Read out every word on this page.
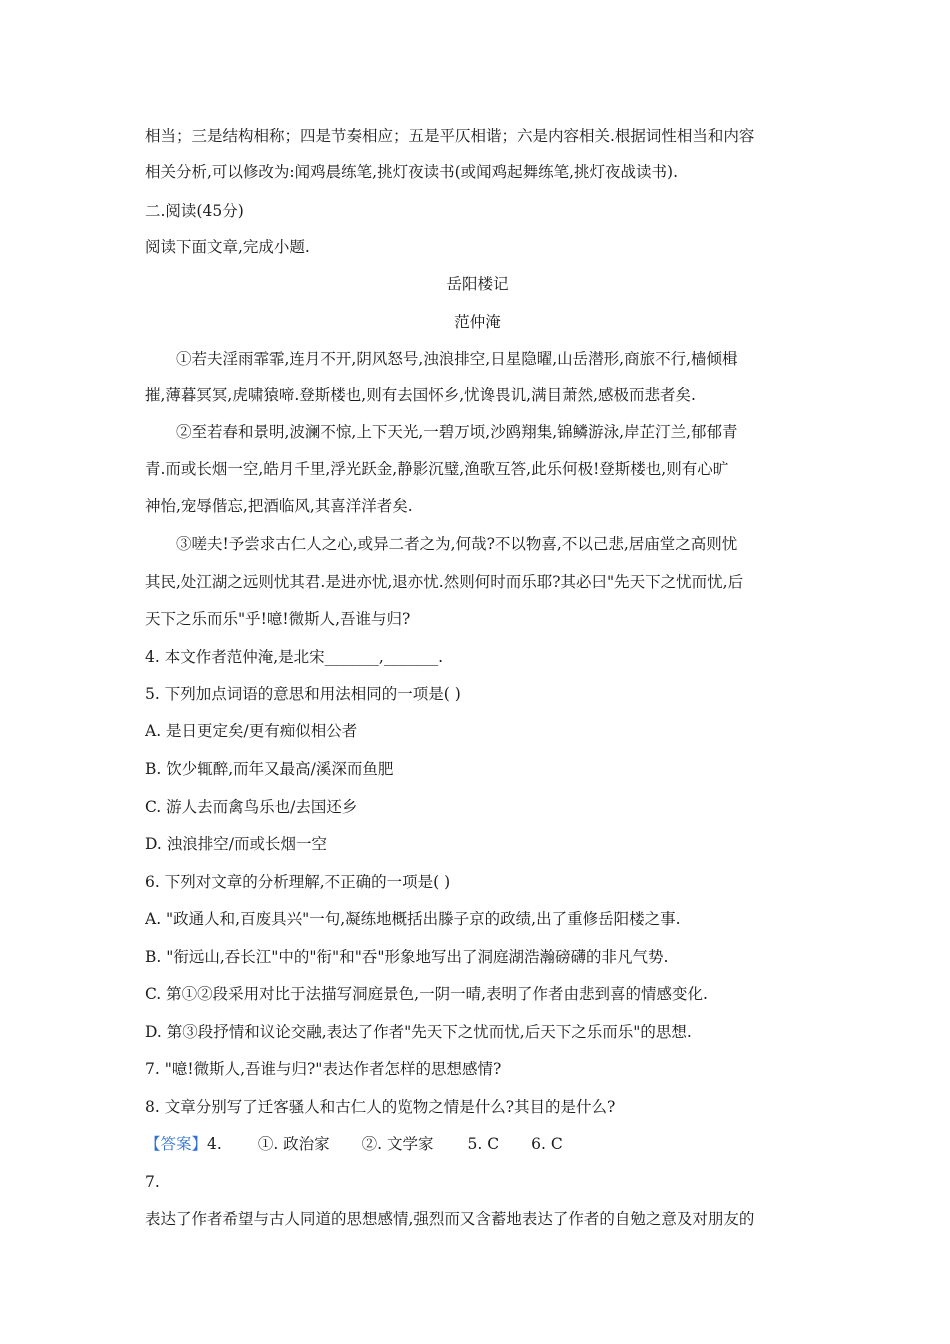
相当；三是结构相称；四是节奏相应；五是平仄相谐；六是内容相关.根据词性相当和内容
相关分析,可以修改为:闻鸡晨练笔,挑灯夜读书(或闻鸡起舞练笔,挑灯夜战读书).
二.阅读(45分)
阅读下面文章,完成小题.
岳阳楼记
范仲淹
①若夫淫雨霏霏,连月不开,阴风怒号,浊浪排空,日星隐曜,山岳潜形,商旅不行,樯倾楫
摧,薄暮冥冥,虎啸猿啼.登斯楼也,则有去国怀乡,忧谗畏讥,满目萧然,感极而悲者矣.
②至若春和景明,波澜不惊,上下天光,一碧万顷,沙鸥翔集,锦鳞游泳,岸芷汀兰,郁郁青
青.而或长烟一空,皓月千里,浮光跃金,静影沉璧,渔歌互答,此乐何极!登斯楼也,则有心旷
神怡,宠辱偕忘,把酒临风,其喜洋洋者矣.
③嗟夫!予尝求古仁人之心,或异二者之为,何哉?不以物喜,不以己悲,居庙堂之高则忧
其民,处江湖之远则忧其君.是进亦忧,退亦忧.然则何时而乐耶?其必曰"先天下之忧而忧,后
天下之乐而乐"乎!噫!微斯人,吾谁与归?
4. 本文作者范仲淹,是北宋_______,_______.
5. 下列加点词语的意思和用法相同的一项是( )
A. 是日更定矣/更有痴似相公者
B. 饮少辄醉,而年又最高/溪深而鱼肥
C. 游人去而禽鸟乐也/去国还乡
D. 浊浪排空/而或长烟一空
6. 下列对文章的分析理解,不正确的一项是( )
A. "政通人和,百废具兴"一句,凝练地概括出滕子京的政绩,出了重修岳阳楼之事.
B. "衔远山,吞长江"中的"衔"和"吞"形象地写出了洞庭湖浩瀚磅礴的非凡气势.
C. 第①②段采用对比于法描写洞庭景色,一阴一晴,表明了作者由悲到喜的情感变化.
D. 第③段抒情和议论交融,表达了作者"先天下之忧而忧,后天下之乐而乐"的思想.
7. "噫!微斯人,吾谁与归?"表达作者怎样的思想感情?
8. 文章分别写了迁客骚人和古仁人的览物之情是什么?其目的是什么?
【答案】4. ①. 政治家 ②. 文学家 5. C 6. C
7.
表达了作者希望与古人同道的思想感情,强烈而又含蓄地表达了作者的自勉之意及对朋友的
